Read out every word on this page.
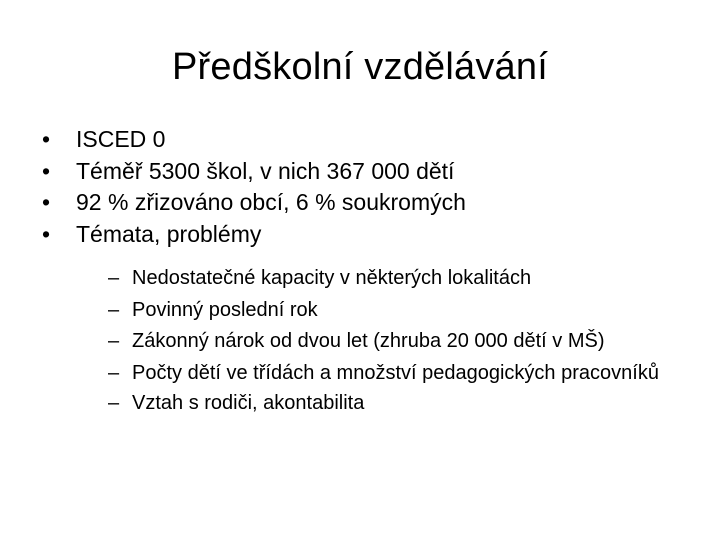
Předškolní vzdělávání
• ISCED 0
• Téměř 5300 škol, v nich 367 000 dětí
• 92 % zřizováno obcí, 6 % soukromých
• Témata, problémy
– Nedostatečné kapacity v některých lokalitách
– Povinný poslední rok
– Zákonný nárok od dvou let (zhruba 20 000 dětí v MŠ)
– Počty dětí ve třídách a množství pedagogických pracovníků
– Vztah s rodiči, akontabilita
